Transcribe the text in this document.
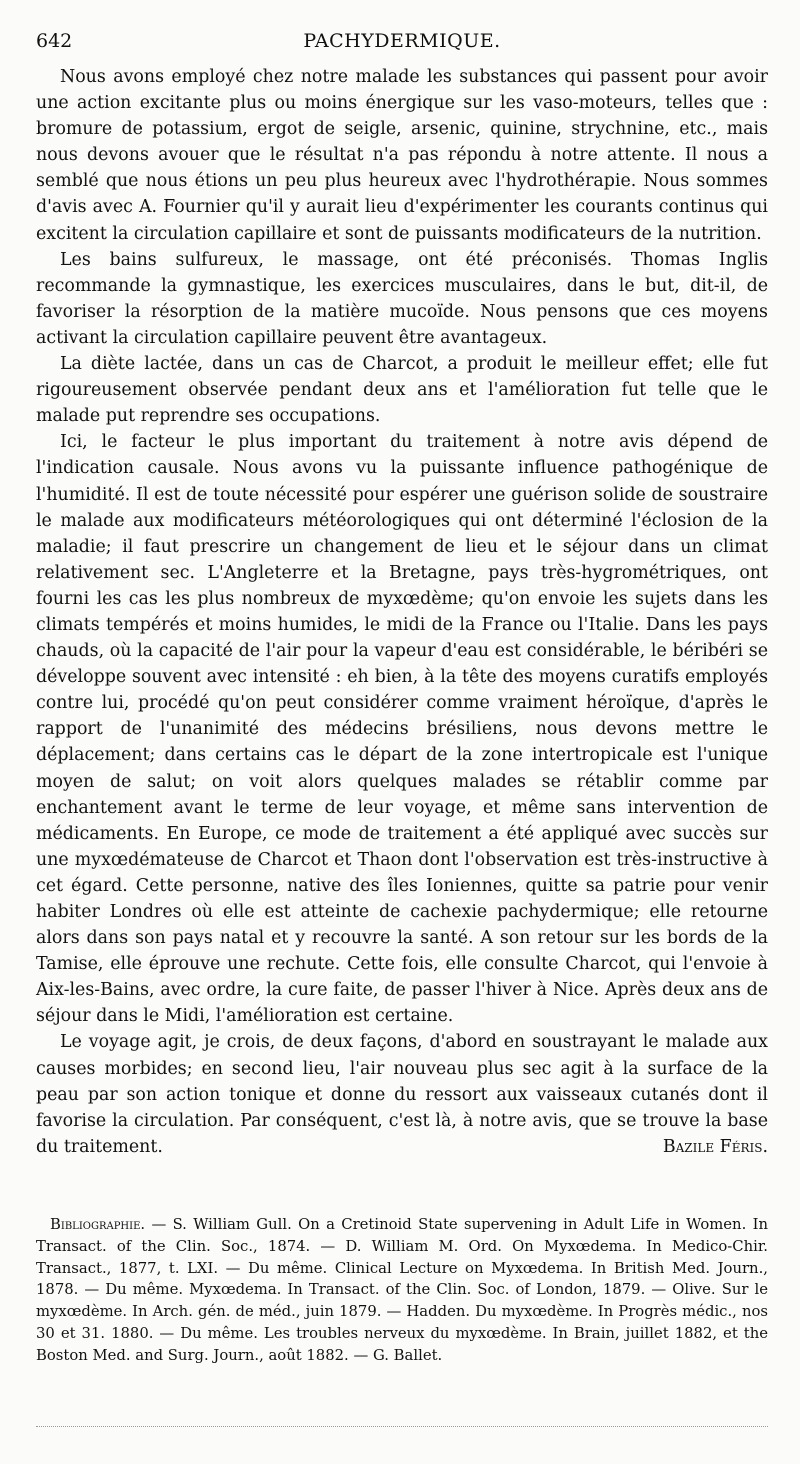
642	PACHYDERMIQUE.

Nous avons employé chez notre malade les substances qui passent pour avoir une action excitante plus ou moins énergique sur les vaso-moteurs, telles que : bromure de potassium, ergot de seigle, arsenic, quinine, strychnine, etc., mais nous devons avouer que le résultat n'a pas répondu à notre attente. Il nous a semblé que nous étions un peu plus heureux avec l'hydrothérapie. Nous sommes d'avis avec A. Fournier qu'il y aurait lieu d'expérimenter les courants continus qui excitent la circulation capillaire et sont de puissants modificateurs de la nutrition.

Les bains sulfureux, le massage, ont été préconisés. Thomas Inglis recommande la gymnastique, les exercices musculaires, dans le but, dit-il, de favoriser la résorption de la matière mucoïde. Nous pensons que ces moyens activant la circulation capillaire peuvent être avantageux.

La diète lactée, dans un cas de Charcot, a produit le meilleur effet; elle fut rigoureusement observée pendant deux ans et l'amélioration fut telle que le malade put reprendre ses occupations.

Ici, le facteur le plus important du traitement à notre avis dépend de l'indication causale. Nous avons vu la puissante influence pathogénique de l'humidité. Il est de toute nécessité pour espérer une guérison solide de soustraire le malade aux modificateurs météorologiques qui ont déterminé l'éclosion de la maladie; il faut prescrire un changement de lieu et le séjour dans un climat relativement sec. L'Angleterre et la Bretagne, pays très-hygrométriques, ont fourni les cas les plus nombreux de myxœdème; qu'on envoie les sujets dans les climats tempérés et moins humides, le midi de la France ou l'Italie. Dans les pays chauds, où la capacité de l'air pour la vapeur d'eau est considérable, le béribéri se développe souvent avec intensité : eh bien, à la tête des moyens curatifs employés contre lui, procédé qu'on peut considérer comme vraiment héroïque, d'après le rapport de l'unanimité des médecins brésiliens, nous devons mettre le déplacement; dans certains cas le départ de la zone intertropicale est l'unique moyen de salut; on voit alors quelques malades se rétablir comme par enchantement avant le terme de leur voyage, et même sans intervention de médicaments. En Europe, ce mode de traitement a été appliqué avec succès sur une myxœdémateuse de Charcot et Thaon dont l'observation est très-instructive à cet égard. Cette personne, native des îles Ioniennes, quitte sa patrie pour venir habiter Londres où elle est atteinte de cachexie pachydermique; elle retourne alors dans son pays natal et y recouvre la santé. A son retour sur les bords de la Tamise, elle éprouve une rechute. Cette fois, elle consulte Charcot, qui l'envoie à Aix-les-Bains, avec ordre, la cure faite, de passer l'hiver à Nice. Après deux ans de séjour dans le Midi, l'amélioration est certaine.

Le voyage agit, je crois, de deux façons, d'abord en soustrayant le malade aux causes morbides; en second lieu, l'air nouveau plus sec agit à la surface de la peau par son action tonique et donne du ressort aux vaisseaux cutanés dont il favorise la circulation. Par conséquent, c'est là, à notre avis, que se trouve la base du traitement.	Bazile Féris.

Bibliographie. — S. William Gull. On a Cretinoid State supervening in Adult Life in Women. In Transact. of the Clin. Soc., 1874. — D. William M. Ord. On Myxœdema. In Medico-Chir. Transact., 1877, t. LXI. — Du même. Clinical Lecture on Myxœdema. In British Med. Journ., 1878. — Du même. Myxœdema. In Transact. of the Clin. Soc. of London, 1879. — Olive. Sur le myxœdème. In Arch. gén. de méd., juin 1879. — Hadden. Du myxœdème. In Progrès médic., nos 30 et 31. 1880. — Du même. Les troubles nerveux du myxœdème. In Brain, juillet 1882, et the Boston Med. and Surg. Journ., août 1882. — G. Ballet.
